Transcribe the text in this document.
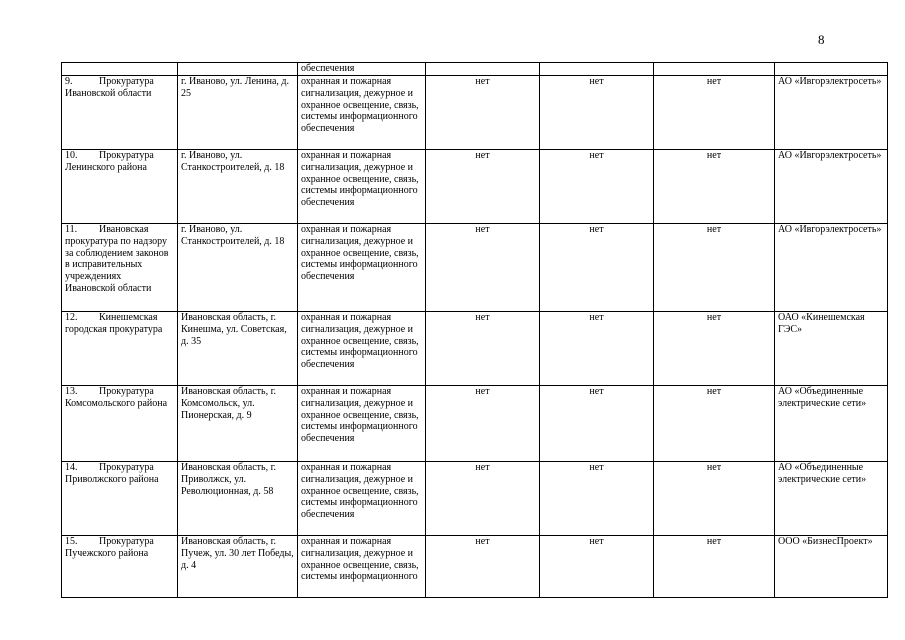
8
		обеспечения				
9. Прокуратура Ивановской области	г. Иваново, ул. Ленина, д. 25	охранная и пожарная сигнализация, дежурное и охранное освещение, связь, системы информационного обеспечения	нет	нет	нет	АО «Ивгорэлектросеть»
10. Прокуратура Ленинского района	г. Иваново, ул. Станкостроителей, д. 18	охранная и пожарная сигнализация, дежурное и охранное освещение, связь, системы информационного обеспечения	нет	нет	нет	АО «Ивгорэлектросеть»
11. Ивановская прокуратура по надзору за соблюдением законов в исправительных учреждениях Ивановской области	г. Иваново, ул. Станкостроителей, д. 18	охранная и пожарная сигнализация, дежурное и охранное освещение, связь, системы информационного обеспечения	нет	нет	нет	АО «Ивгорэлектросеть»
12. Кинешемская городская прокуратура	Ивановская область, г. Кинешма, ул. Советская, д. 35	охранная и пожарная сигнализация, дежурное и охранное освещение, связь, системы информационного обеспечения	нет	нет	нет	ОАО «Кинешемская ГЭС»
13. Прокуратура Комсомольского района	Ивановская область, г. Комсомольск, ул. Пионерская, д. 9	охранная и пожарная сигнализация, дежурное и охранное освещение, связь, системы информационного обеспечения	нет	нет	нет	АО «Объединенные электрические сети»
14. Прокуратура Приволжского района	Ивановская область, г. Приволжск, ул. Революционная, д. 58	охранная и пожарная сигнализация, дежурное и охранное освещение, связь, системы информационного обеспечения	нет	нет	нет	АО «Объединенные электрические сети»
15. Прокуратура Пучежского района	Ивановская область, г. Пучеж, ул. 30 лет Победы, д. 4	охранная и пожарная сигнализация, дежурное и охранное освещение, связь, системы информационного	нет	нет	нет	ООО «БизнесПроект»
